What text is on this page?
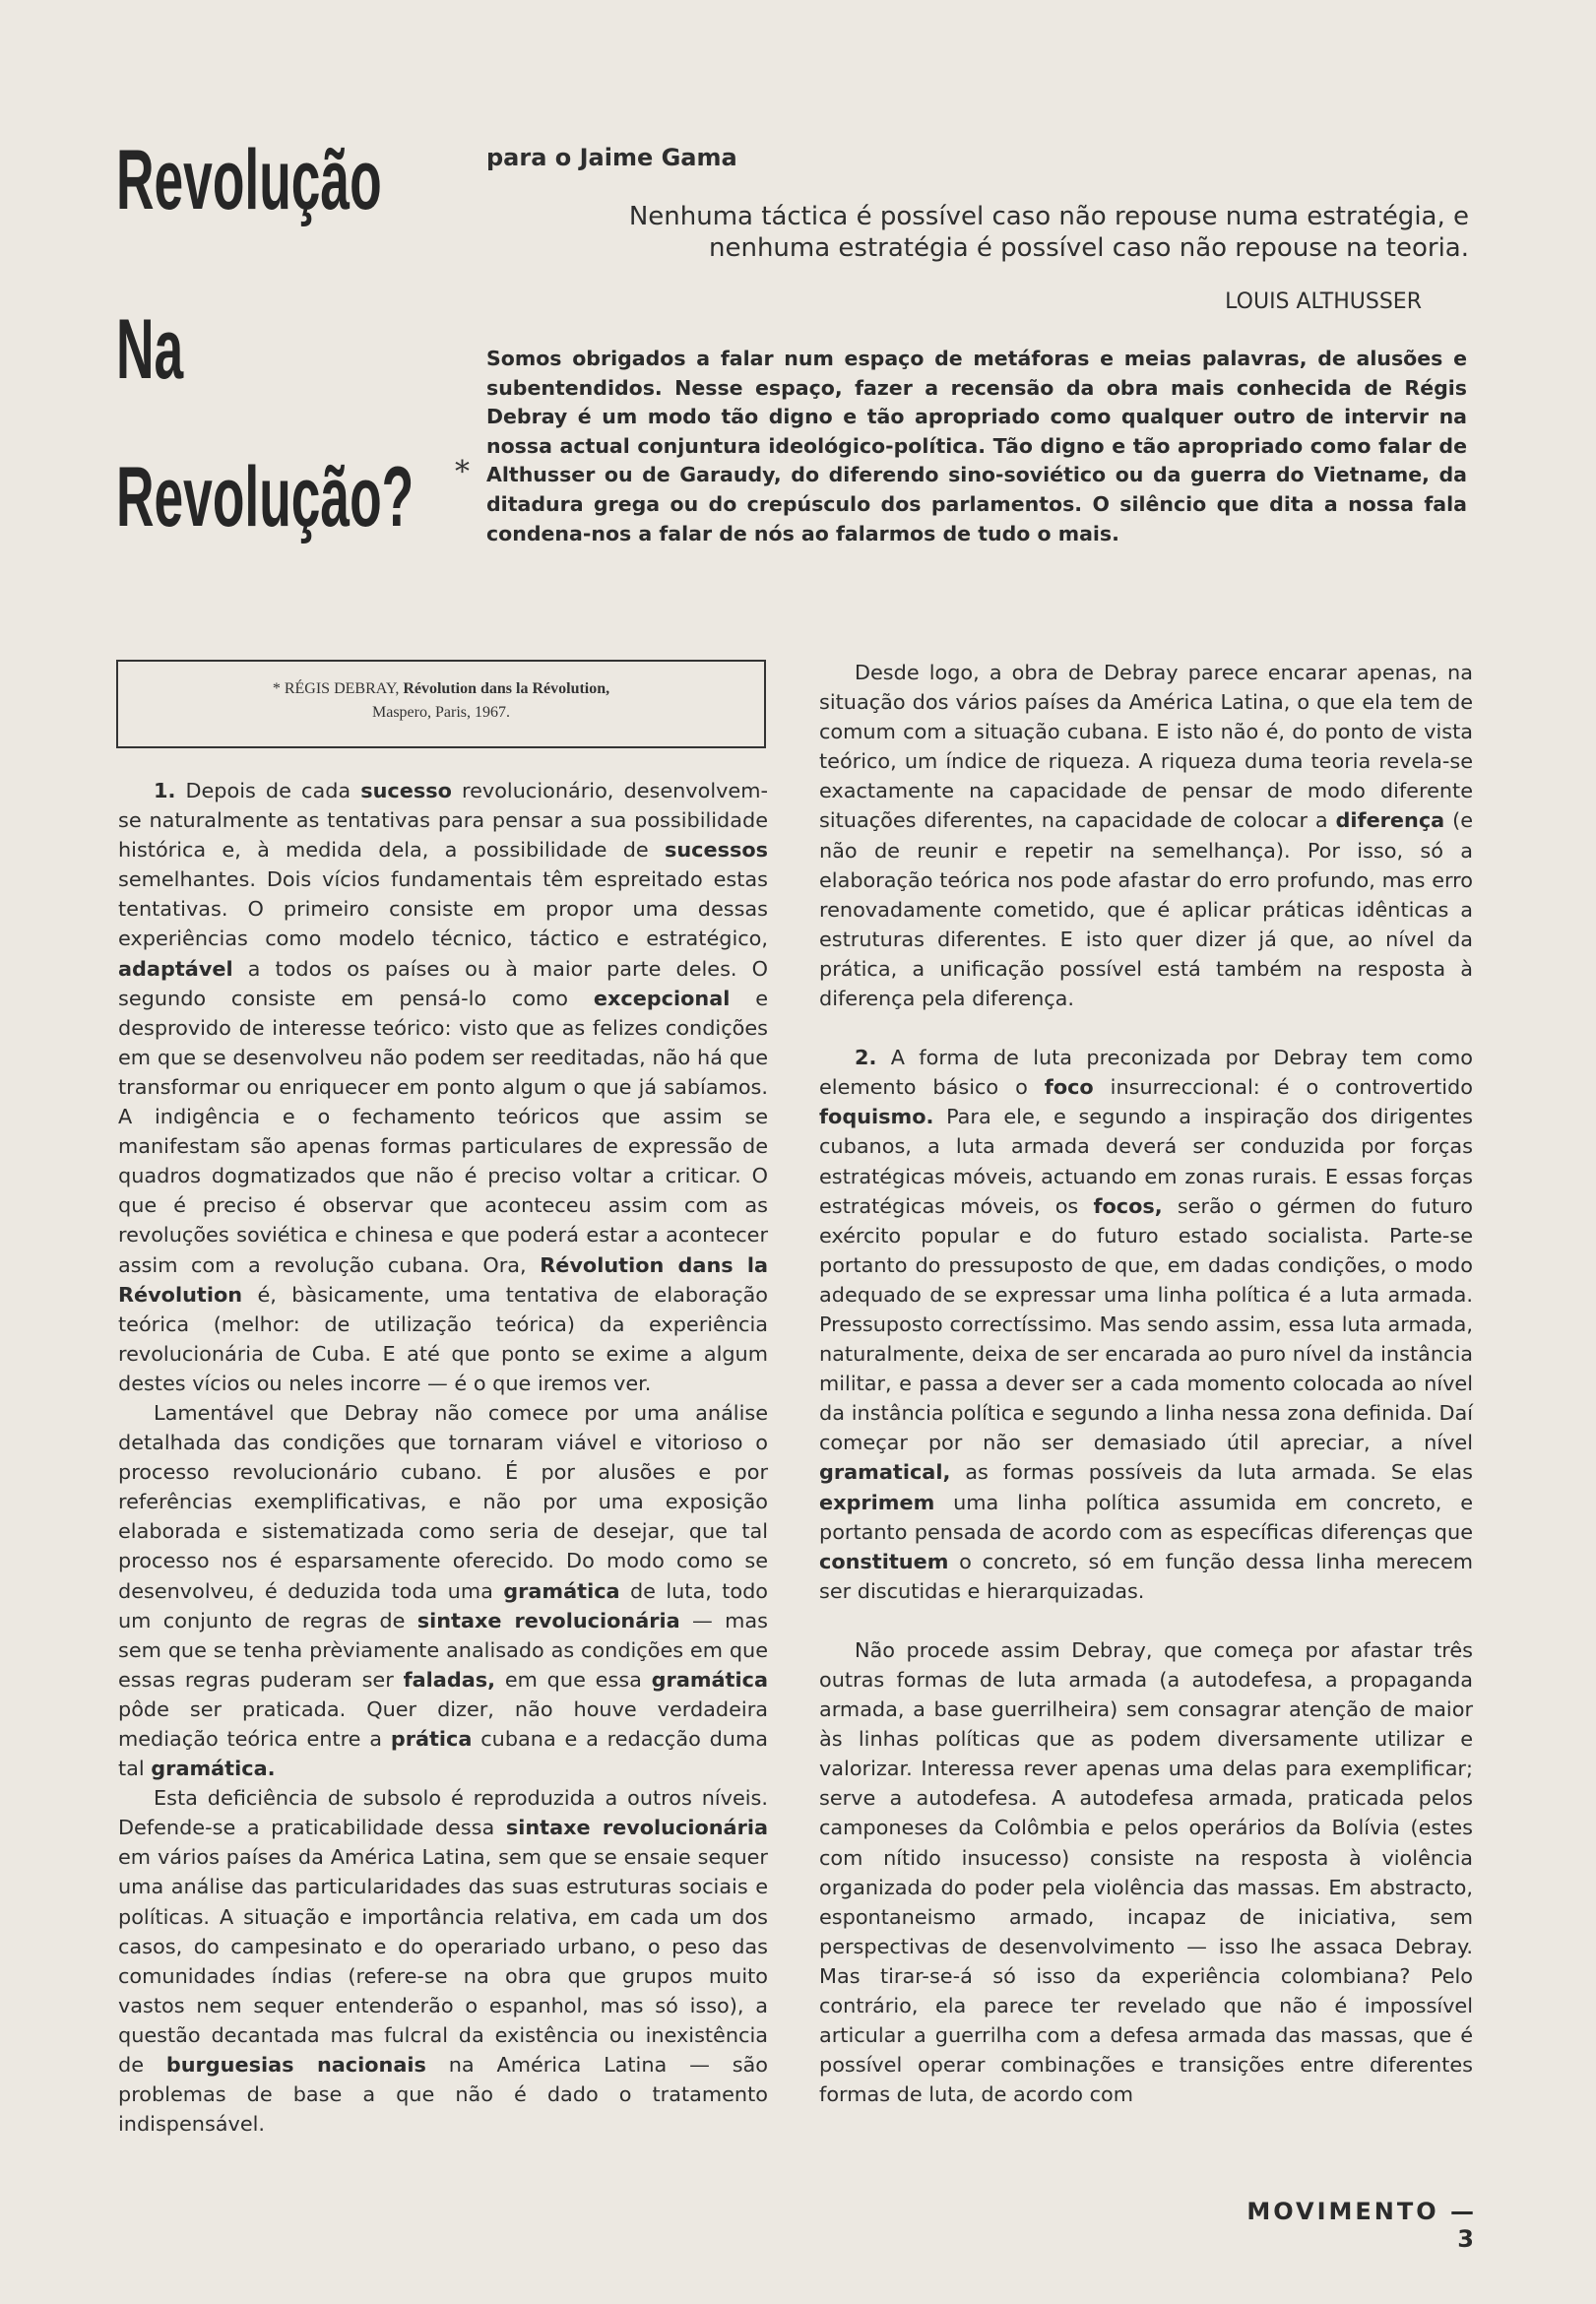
Revolução
Na
Revolução? *
para o Jaime Gama
Nenhuma táctica é possível caso não repouse numa estratégia, e nenhuma estratégia é possível caso não repouse na teoria.
LOUIS ALTHUSSER
Somos obrigados a falar num espaço de metáforas e meias palavras, de alusões e subentendidos. Nesse espaço, fazer a recensão da obra mais conhecida de Régis Debray é um modo tão digno e tão apropriado como qualquer outro de intervir na nossa actual conjuntura ideológico-política. Tão digno e tão apropriado como falar de Althusser ou de Garaudy, do diferendo sino-soviético ou da guerra do Vietname, da ditadura grega ou do crepúsculo dos parlamentos. O silêncio que dita a nossa fala condena-nos a falar de nós ao falarmos de tudo o mais.
* RÉGIS DEBRAY, Révolution dans la Révolution,
Maspero, Paris, 1967.

1. Depois de cada sucesso revolucionário, desenvolvem-se naturalmente as tentativas para pensar a sua possibilidade histórica e, à medida dela, a possibilidade de sucessos semelhantes. Dois vícios fundamentais têm espreitado estas tentativas. O primeiro consiste em propor uma dessas experiências como modelo técnico, táctico e estratégico, adaptável a todos os países ou à maior parte deles. O segundo consiste em pensá-lo como excepcional e desprovido de interesse teórico: visto que as felizes condições em que se desenvolveu não podem ser reeditadas, não há que transformar ou enriquecer em ponto algum o que já sabíamos. A indigência e o fechamento teóricos que assim se manifestam são apenas formas particulares de expressão de quadros dogmatizados que não é preciso voltar a criticar. O que é preciso é observar que aconteceu assim com as revoluções soviética e chinesa e que poderá estar a acontecer assim com a revolução cubana. Ora, Révolution dans la Révolution é, bàsicamente, uma tentativa de elaboração teórica (melhor: de utilização teórica) da experiência revolucionária de Cuba. E até que ponto se exime a algum destes vícios ou neles incorre — é o que iremos ver.

Lamentável que Debray não comece por uma análise detalhada das condições que tornaram viável e vitorioso o processo revolucionário cubano. É por alusões e por referências exemplificativas, e não por uma exposição elaborada e sistematizada como seria de desejar, que tal processo nos é esparsamente oferecido. Do modo como se desenvolveu, é deduzida toda uma gramática de luta, todo um conjunto de regras de sintaxe revolucionária — mas sem que se tenha prèviamente analisado as condições em que essas regras puderam ser faladas, em que essa gramática pôde ser praticada. Quer dizer, não houve verdadeira mediação teórica entre a prática cubana e a redacção duma tal gramática.

Esta deficiência de subsolo é reproduzida a outros níveis. Defende-se a praticabilidade dessa sintaxe revolucionária em vários países da América Latina, sem que se ensaie sequer uma análise das particularidades das suas estruturas sociais e políticas. A situação e importância relativa, em cada um dos casos, do campesinato e do operariado urbano, o peso das comunidades índias (refere-se na obra que grupos muito vastos nem sequer entenderão o espanhol, mas só isso), a questão decantada mas fulcral da existência ou inexistência de burguesias nacionais na América Latina — são problemas de base a que não é dado o tratamento indispensável.

Desde logo, a obra de Debray parece encarar apenas, na situação dos vários países da América Latina, o que ela tem de comum com a situação cubana. E isto não é, do ponto de vista teórico, um índice de riqueza. A riqueza duma teoria revela-se exactamente na capacidade de pensar de modo diferente situações diferentes, na capacidade de colocar a diferença (e não de reunir e repetir na semelhança). Por isso, só a elaboração teórica nos pode afastar do erro profundo, mas erro renovadamente cometido, que é aplicar práticas idênticas a estruturas diferentes. E isto quer dizer já que, ao nível da prática, a unificação possível está também na resposta à diferença pela diferença.

2. A forma de luta preconizada por Debray tem como elemento básico o foco insurreccional: é o controvertido foquismo. Para ele, e segundo a inspiração dos dirigentes cubanos, a luta armada deverá ser conduzida por forças estratégicas móveis, actuando em zonas rurais. E essas forças estratégicas móveis, os focos, serão o gérmen do futuro exército popular e do futuro estado socialista. Parte-se portanto do pressuposto de que, em dadas condições, o modo adequado de se expressar uma linha política é a luta armada. Pressuposto correctíssimo. Mas sendo assim, essa luta armada, naturalmente, deixa de ser encarada ao puro nível da instância militar, e passa a dever ser a cada momento colocada ao nível da instância política e segundo a linha nessa zona definida. Daí começar por não ser demasiado útil apreciar, a nível gramatical, as formas possíveis da luta armada. Se elas exprimem uma linha política assumida em concreto, e portanto pensada de acordo com as específicas diferenças que constituem o concreto, só em função dessa linha merecem ser discutidas e hierarquizadas.

Não procede assim Debray, que começa por afastar três outras formas de luta armada (a autodefesa, a propaganda armada, a base guerrilheira) sem consagrar atenção de maior às linhas políticas que as podem diversamente utilizar e valorizar. Interessa rever apenas uma delas para exemplificar; serve a autodefesa. A autodefesa armada, praticada pelos camponeses da Colômbia e pelos operários da Bolívia (estes com nítido insucesso) consiste na resposta à violência organizada do poder pela violência das massas. Em abstracto, espontaneismo armado, incapaz de iniciativa, sem perspectivas de desenvolvimento — isso lhe assaca Debray. Mas tirar-se-á só isso da experiência colombiana? Pelo contrário, ela parece ter revelado que não é impossível articular a guerrilha com a defesa armada das massas, que é possível operar combinações e transições entre diferentes formas de luta, de acordo com

MOVIMENTO — 3
